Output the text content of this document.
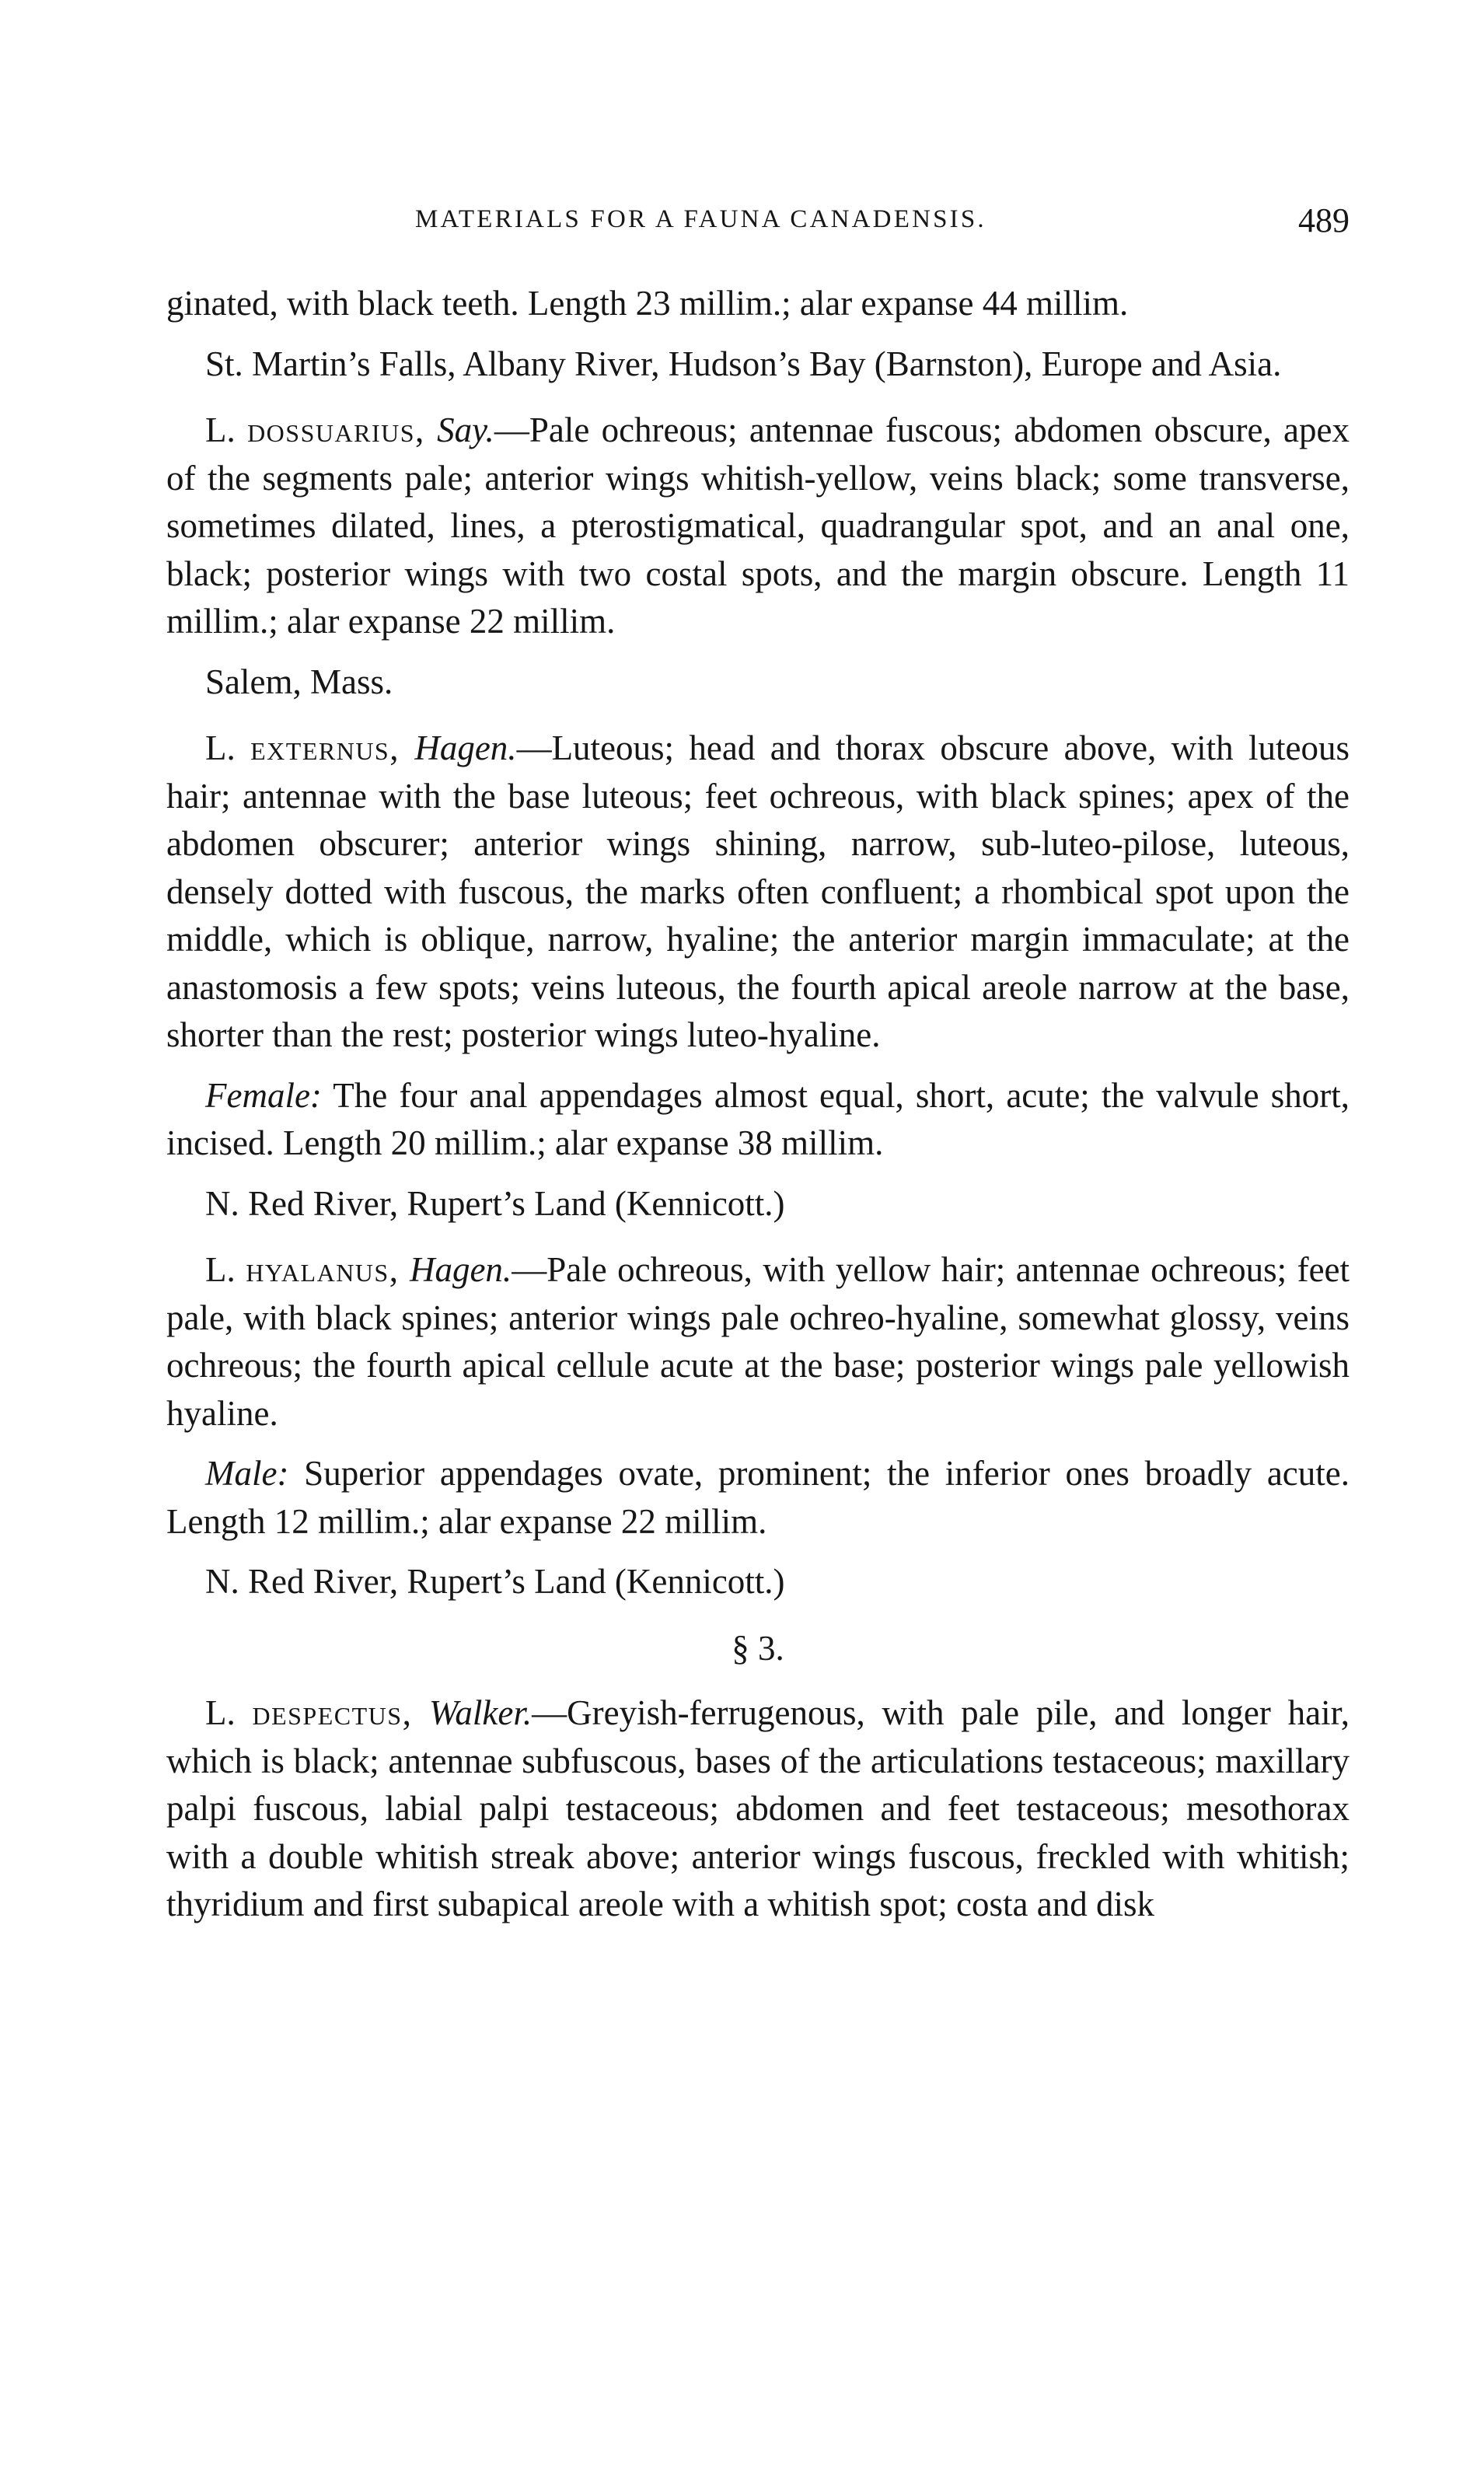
MATERIALS FOR A FAUNA CANADENSIS.	489

ginated, with black teeth. Length 23 millim.; alar expanse 44 millim.

St. Martin’s Falls, Albany River, Hudson’s Bay (Barnston), Europe and Asia.

L. dossuarius, Say.—Pale ochreous; antennae fuscous; abdomen obscure, apex of the segments pale; anterior wings whitish-yellow, veins black; some transverse, sometimes dilated, lines, a pterostigmatical, quadrangular spot, and an anal one, black; posterior wings with two costal spots, and the margin obscure. Length 11 millim.; alar expanse 22 millim.

Salem, Mass.

L. externus, Hagen.—Luteous; head and thorax obscure above, with luteous hair; antennae with the base luteous; feet ochreous, with black spines; apex of the abdomen obscurer; anterior wings shining, narrow, sub-luteo-pilose, luteous, densely dotted with fuscous, the marks often confluent; a rhombical spot upon the middle, which is oblique, narrow, hyaline; the anterior margin immaculate; at the anastomosis a few spots; veins luteous, the fourth apical areole narrow at the base, shorter than the rest; posterior wings luteo-hyaline.

Female: The four anal appendages almost equal, short, acute; the valvule short, incised. Length 20 millim.; alar expanse 38 millim.

N. Red River, Rupert’s Land (Kennicott.)

L. hyalanus, Hagen.—Pale ochreous, with yellow hair; antennae ochreous; feet pale, with black spines; anterior wings pale ochreo-hyaline, somewhat glossy, veins ochreous; the fourth apical cellule acute at the base; posterior wings pale yellowish hyaline.

Male: Superior appendages ovate, prominent; the inferior ones broadly acute. Length 12 millim.; alar expanse 22 millim.

N. Red River, Rupert’s Land (Kennicott.)

§ 3.

L. despectus, Walker.—Greyish-ferrugenous, with pale pile, and longer hair, which is black; antennae subfuscous, bases of the articulations testaceous; maxillary palpi fuscous, labial palpi testaceous; abdomen and feet testaceous; mesothorax with a double whitish streak above; anterior wings fuscous, freckled with whitish; thyridium and first subapical areole with a whitish spot; costa and disk
